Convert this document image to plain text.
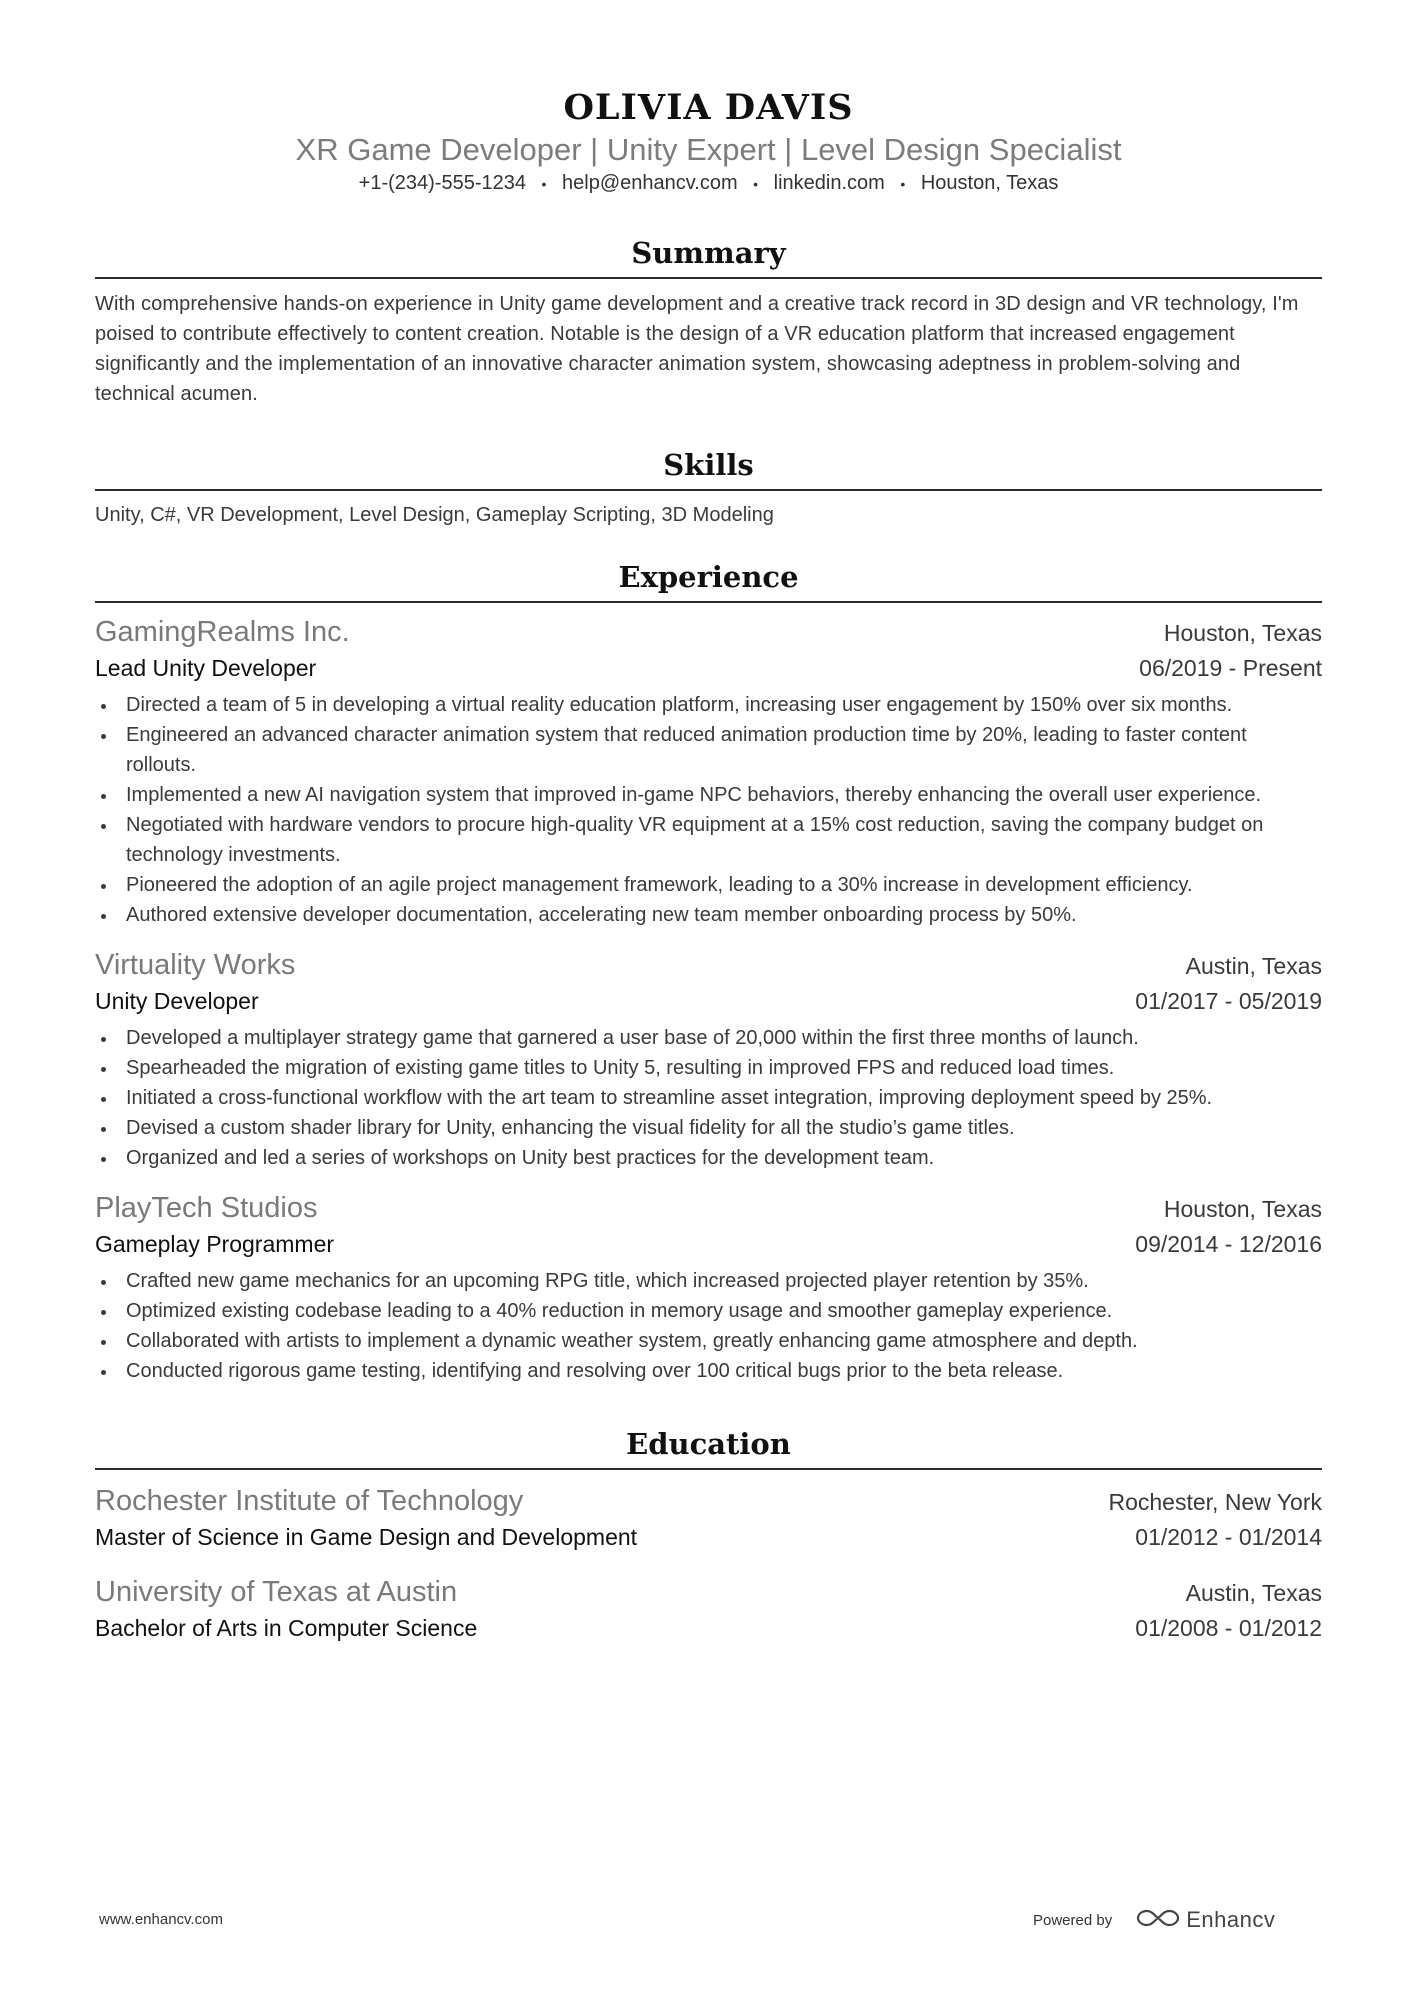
OLIVIA DAVIS
XR Game Developer | Unity Expert | Level Design Specialist
+1-(234)-555-1234 • help@enhancv.com • linkedin.com • Houston, Texas
Summary
With comprehensive hands-on experience in Unity game development and a creative track record in 3D design and VR technology, I'm poised to contribute effectively to content creation. Notable is the design of a VR education platform that increased engagement significantly and the implementation of an innovative character animation system, showcasing adeptness in problem-solving and technical acumen.
Skills
Unity, C#, VR Development, Level Design, Gameplay Scripting, 3D Modeling
Experience
GamingRealms Inc.	Houston, Texas
Lead Unity Developer	06/2019 - Present
Directed a team of 5 in developing a virtual reality education platform, increasing user engagement by 150% over six months.
Engineered an advanced character animation system that reduced animation production time by 20%, leading to faster content rollouts.
Implemented a new AI navigation system that improved in-game NPC behaviors, thereby enhancing the overall user experience.
Negotiated with hardware vendors to procure high-quality VR equipment at a 15% cost reduction, saving the company budget on technology investments.
Pioneered the adoption of an agile project management framework, leading to a 30% increase in development efficiency.
Authored extensive developer documentation, accelerating new team member onboarding process by 50%.
Virtuality Works	Austin, Texas
Unity Developer	01/2017 - 05/2019
Developed a multiplayer strategy game that garnered a user base of 20,000 within the first three months of launch.
Spearheaded the migration of existing game titles to Unity 5, resulting in improved FPS and reduced load times.
Initiated a cross-functional workflow with the art team to streamline asset integration, improving deployment speed by 25%.
Devised a custom shader library for Unity, enhancing the visual fidelity for all the studio’s game titles.
Organized and led a series of workshops on Unity best practices for the development team.
PlayTech Studios	Houston, Texas
Gameplay Programmer	09/2014 - 12/2016
Crafted new game mechanics for an upcoming RPG title, which increased projected player retention by 35%.
Optimized existing codebase leading to a 40% reduction in memory usage and smoother gameplay experience.
Collaborated with artists to implement a dynamic weather system, greatly enhancing game atmosphere and depth.
Conducted rigorous game testing, identifying and resolving over 100 critical bugs prior to the beta release.
Education
Rochester Institute of Technology	Rochester, New York
Master of Science in Game Design and Development	01/2012 - 01/2014
University of Texas at Austin	Austin, Texas
Bachelor of Arts in Computer Science	01/2008 - 01/2012
www.enhancv.com	Powered by	Enhancv
